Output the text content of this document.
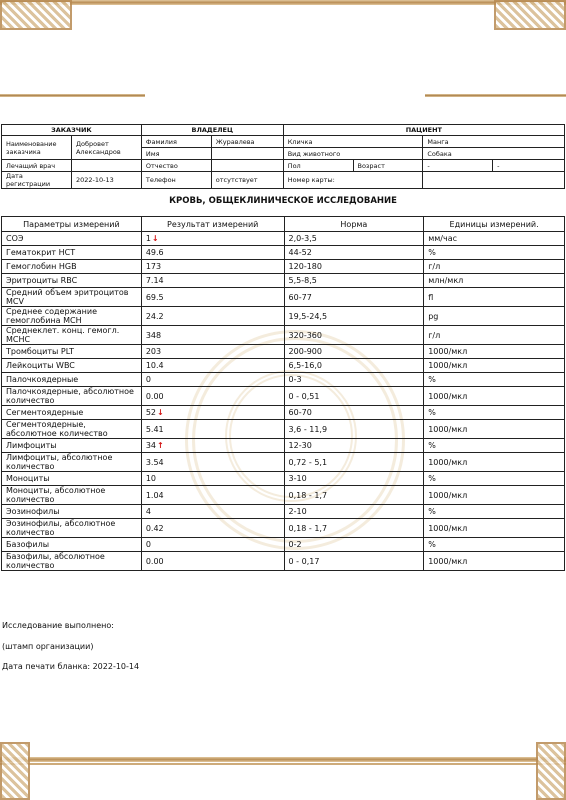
ЗАКАЗЧИК		ВЛАДЕЛЕЦ		ПАЦИЕНТ			
Наименование заказчика	Добровет Александров	Фамилия	Журавлева	Кличка		Манга	
		Имя		Вид животного		Собака	
Лечащий врач		Отчество		Пол	Возраст	-	-
Дата регистрации	2022-10-13	Телефон	отсутствует	Номер карты:			
КРОВЬ, ОБЩЕКЛИНИЧЕСКОЕ ИССЛЕДОВАНИЕ
Параметры измерений	Результат измерений	Норма	Единицы измерений.
СОЭ	1↓	2,0-3,5	мм/час
Гематокрит HCT	49.6	44-52	%
Гемоглобин HGB	173	120-180	г/л
Эритроциты RBC	7.14	5,5-8,5	млн/мкл
Средний объем эритроцитов MCV	69.5	60-77	fl
Среднее содержание гемоглобина MCH	24.2	19,5-24,5	pg
Среднеклет. конц. гемогл. MCHC	348	320-360	г/л
Тромбоциты PLT	203	200-900	1000/мкл
Лейкоциты WBC	10.4	6,5-16,0	1000/мкл
Палочкоядерные	0	0-3	%
Палочкоядерные, абсолютное количество	0.00	0 - 0,51	1000/мкл
Сегментоядерные	52↓	60-70	%
Сегментоядерные, абсолютное количество	5.41	3,6 - 11,9	1000/мкл
Лимфоциты	34↑	12-30	%
Лимфоциты, абсолютное количество	3.54	0,72 - 5,1	1000/мкл
Моноциты	10	3-10	%
Моноциты, абсолютное количество	1.04	0,18 - 1,7	1000/мкл
Эозинофилы	4	2-10	%
Эозинофилы, абсолютное количество	0.42	0,18 - 1,7	1000/мкл
Базофилы	0	0-2	%
Базофилы, абсолютное количество	0.00	0 - 0,17	1000/мкл
Исследование выполнено:
(штамп организации)
Дата печати бланка: 2022-10-14
